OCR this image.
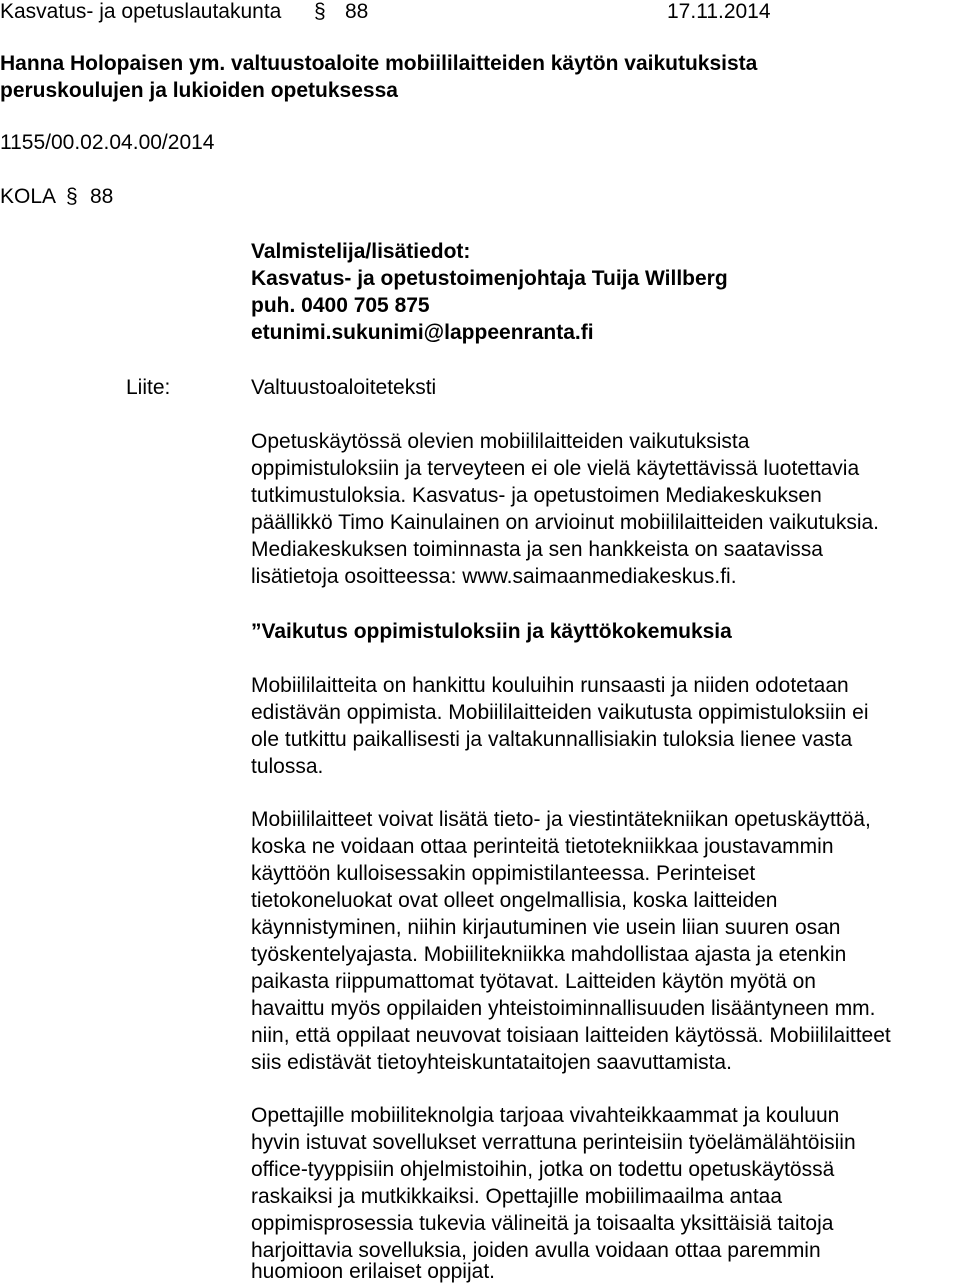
Kasvatus- ja opetuslautakunta § 88	17.11.2014
Hanna Holopaisen ym. valtuustoaloite mobiililaitteiden käytön vaikutuksista
peruskoulujen ja lukioiden opetuksessa
1155/00.02.04.00/2014
KOLA § 88
Valmistelija/lisätiedot:
Kasvatus- ja opetustoimenjohtaja Tuija Willberg
puh. 0400 705 875
etunimi.sukunimi@lappeenranta.fi
Liite:	Valtuustoaloiteteksti
Opetuskäytössä olevien mobiililaitteiden vaikutuksista
oppimistuloksiin ja terveyteen ei ole vielä käytettävissä luotettavia
tutkimustuloksia. Kasvatus- ja opetustoimen Mediakeskuksen
päällikkö Timo Kainulainen on arvioinut mobiililaitteiden vaikutuksia.
Mediakeskuksen toiminnasta ja sen hankkeista on saatavissa
lisätietoja osoitteessa: www.saimaanmediakeskus.fi.
”Vaikutus oppimistuloksiin ja käyttökokemuksia
Mobiililaitteita on hankittu kouluihin runsaasti ja niiden odotetaan
edistävän oppimista. Mobiililaitteiden vaikutusta oppimistuloksiin ei
ole tutkittu paikallisesti ja valtakunnallisiakin tuloksia lienee vasta
tulossa.
Mobiililaitteet voivat lisätä tieto- ja viestintätekniikan opetuskäyttöä,
koska ne voidaan ottaa perinteitä tietotekniikkaa joustavammin
käyttöön kulloisessakin oppimistilanteessa. Perinteiset
tietokoneluokat ovat olleet ongelmallisia, koska laitteiden
käynnistyminen, niihin kirjautuminen vie usein liian suuren osan
työskentelyajasta. Mobiilitekniikka mahdollistaa ajasta ja etenkin
paikasta riippumattomat työtavat. Laitteiden käytön myötä on
havaittu myös oppilaiden yhteistoiminnallisuuden lisääntyneen mm.
niin, että oppilaat neuvovat toisiaan laitteiden käytössä. Mobiililaitteet
siis edistävät tietoyhteiskuntataitojen saavuttamista.
Opettajille mobiiliteknolgia tarjoaa vivahteikkaammat ja kouluun
hyvin istuvat sovellukset verrattuna perinteisiin työelämälähtöisiin
office-tyyppisiin ohjelmistoihin, jotka on todettu opetuskäytössä
raskaiksi ja mutkikkaiksi. Opettajille mobiilimaailma antaa
oppimisprosessia tukevia välineitä ja toisaalta yksittäisiä taitoja
harjoittavia sovelluksia, joiden avulla voidaan ottaa paremmin
huomioon erilaiset oppijat.
